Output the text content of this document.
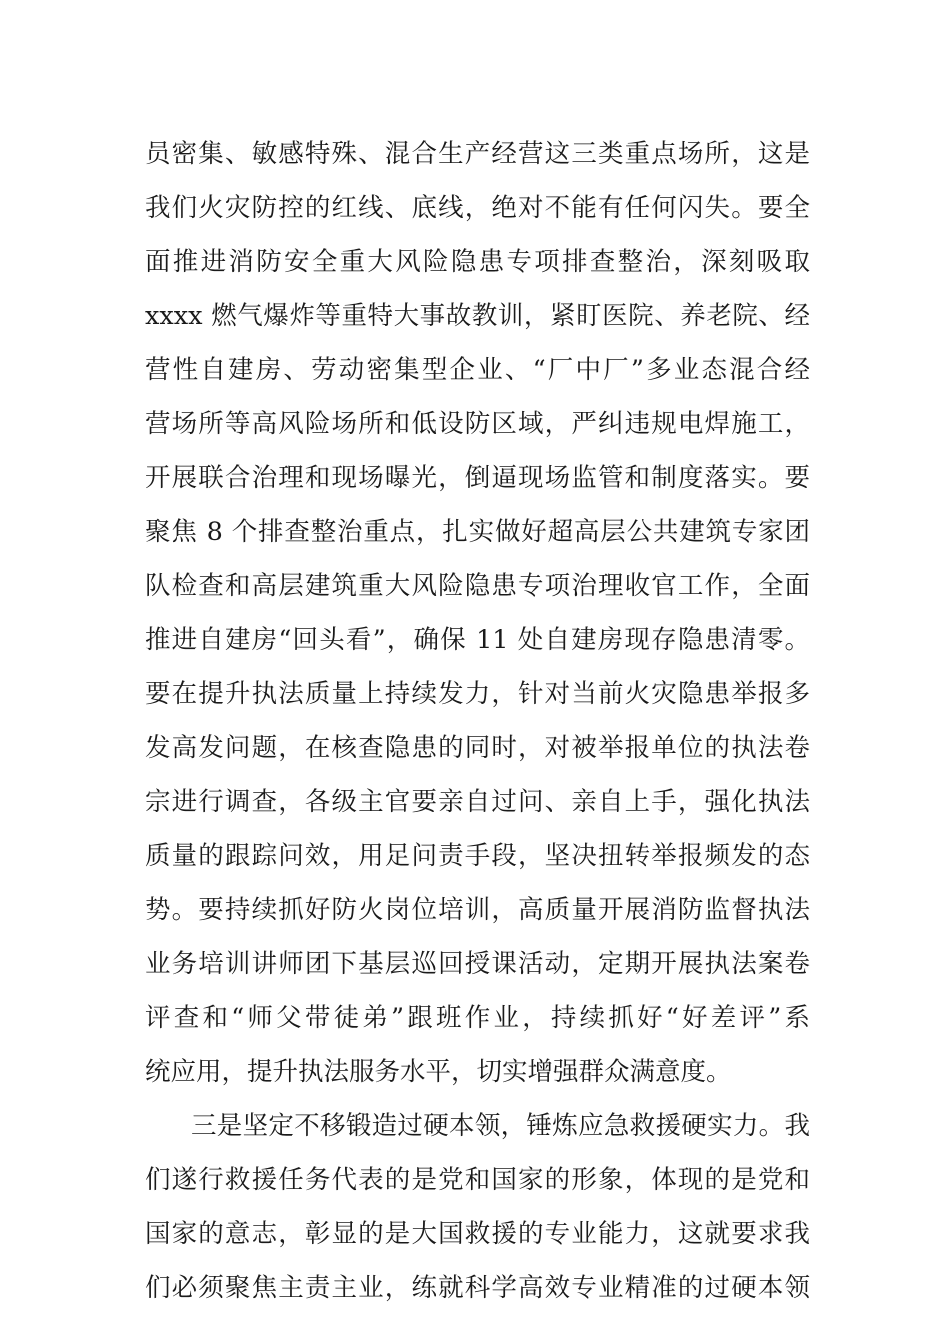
员密集、敏感特殊、混合生产经营这三类重点场所，这是
我们火灾防控的红线、底线，绝对不能有任何闪失。要全
面推进消防安全重大风险隐患专项排查整治，深刻吸取
xxxx 燃气爆炸等重特大事故教训，紧盯医院、养老院、经
营性自建房、劳动密集型企业、“厂中厂”多业态混合经
营场所等高风险场所和低设防区域，严纠违规电焊施工，
开展联合治理和现场曝光，倒逼现场监管和制度落实。要
聚焦 8 个排查整治重点，扎实做好超高层公共建筑专家团
队检查和高层建筑重大风险隐患专项治理收官工作，全面
推进自建房“回头看”，确保 11 处自建房现存隐患清零。
要在提升执法质量上持续发力，针对当前火灾隐患举报多
发高发问题，在核查隐患的同时，对被举报单位的执法卷
宗进行调查，各级主官要亲自过问、亲自上手，强化执法
质量的跟踪问效，用足问责手段，坚决扭转举报频发的态
势。要持续抓好防火岗位培训，高质量开展消防监督执法
业务培训讲师团下基层巡回授课活动，定期开展执法案卷
评查和“师父带徒弟”跟班作业，持续抓好“好差评”系
统应用，提升执法服务水平，切实增强群众满意度。
三是坚定不移锻造过硬本领，锤炼应急救援硬实力。我
们遂行救援任务代表的是党和国家的形象，体现的是党和
国家的意志，彰显的是大国救援的专业能力，这就要求我
们必须聚焦主责主业，练就科学高效专业精准的过硬本领
